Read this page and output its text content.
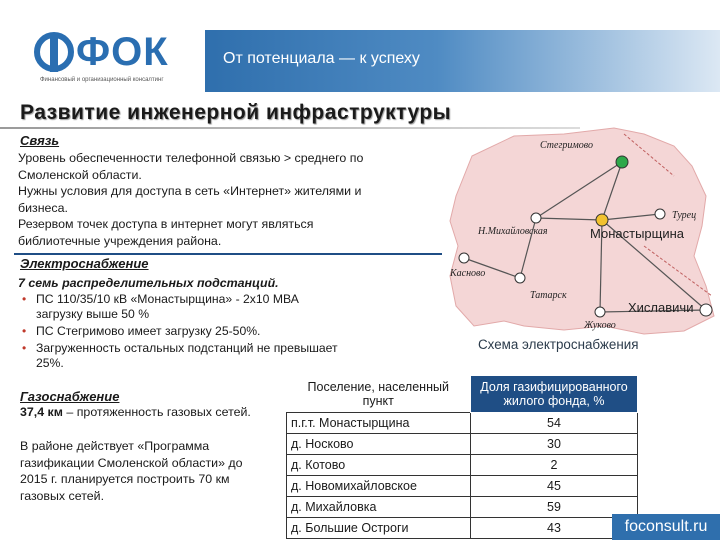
ФОК
Финансовый и организационный консалтинг
От потенциала — к успеху
Развитие инженерной инфраструктуры
Связь
Уровень обеспеченности телефонной связью > среднего по
Смоленской области.
Нужны условия для доступа в сеть «Интернет» жителями и
бизнеса.
Резервом точек доступа в интернет могут являться
библиотечные учреждения района.
Электроснабжение
7 семь распределительных подстанций.
• ПС 110/35/10 кВ «Монастырщина» - 2х10 МВА
загрузку выше 50 %
• ПС Стегримово имеет загрузку 25-50%.
• Загруженность остальных подстанций не превышает
25%.
Стегримово
Монастырщина
Турец
Н.Михайловская
Касново
Татарск
Хиславичи
Жуково
Схема электроснабжения
Газоснабжение
37,4 км – протяженность газовых сетей.
В районе действует «Программа
газификации Смоленской области» до
2015 г. планируется построить 70 км
газовых сетей.
Поселение, населенный пункт	Доля газифицированного жилого фонда, %
п.г.т. Монастырщина	54
д. Носково	30
д. Котово	2
д. Новомихайловское	45
д. Михайловка	59
д. Большие Остроги	43	foconsult.ru
